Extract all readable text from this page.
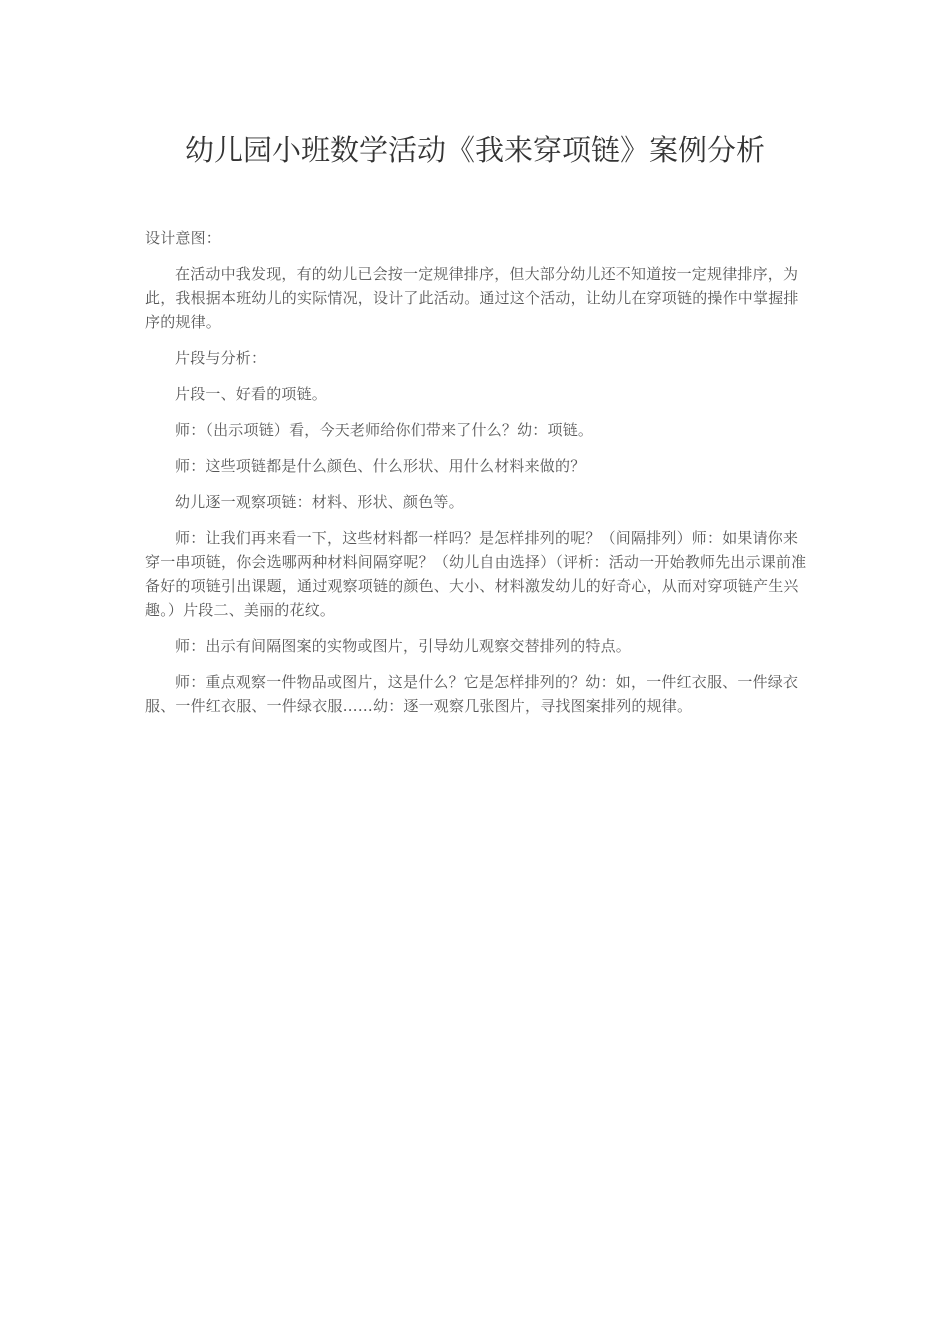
幼儿园小班数学活动《我来穿项链》案例分析

设计意图：

在活动中我发现，有的幼儿已会按一定规律排序，但大部分幼儿还不知道按一定规律排序，为此，我根据本班幼儿的实际情况，设计了此活动。通过这个活动，让幼儿在穿项链的操作中掌握排序的规律。

片段与分析：

片段一、好看的项链。

师：（出示项链）看，今天老师给你们带来了什么？幼：项链。

师：这些项链都是什么颜色、什么形状、用什么材料来做的？

幼儿逐一观察项链：材料、形状、颜色等。

师：让我们再来看一下，这些材料都一样吗？是怎样排列的呢？（间隔排列）师：如果请你来穿一串项链，你会选哪两种材料间隔穿呢？（幼儿自由选择）（评析：活动一开始教师先出示课前准备好的项链引出课题，通过观察项链的颜色、大小、材料激发幼儿的好奇心，从而对穿项链产生兴趣。）片段二、美丽的花纹。

师：出示有间隔图案的实物或图片，引导幼儿观察交替排列的特点。

师：重点观察一件物品或图片，这是什么？它是怎样排列的？幼：如，一件红衣服、一件绿衣服、一件红衣服、一件绿衣服……幼：逐一观察几张图片，寻找图案排列的规律。
